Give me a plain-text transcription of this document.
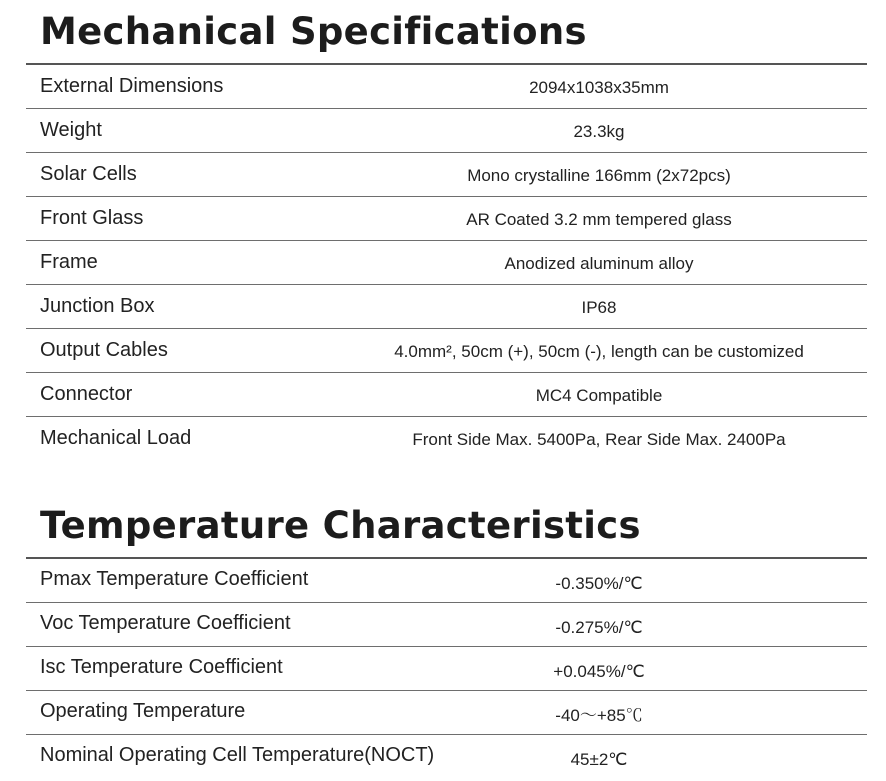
Mechanical Specifications
External Dimensions	2094x1038x35mm
Weight	23.3kg
Solar Cells	Mono crystalline 166mm (2x72pcs)
Front Glass	AR Coated 3.2 mm tempered glass
Frame	Anodized aluminum alloy
Junction Box	IP68
Output Cables	4.0mm², 50cm (+), 50cm (-), length can be customized
Connector	MC4 Compatible
Mechanical Load	Front Side Max. 5400Pa, Rear Side Max. 2400Pa
Temperature Characteristics
Pmax Temperature Coefficient	-0.350%/℃
Voc Temperature Coefficient	-0.275%/℃
Isc Temperature Coefficient	+0.045%/℃
Operating Temperature	-40～+85℃
Nominal Operating Cell Temperature(NOCT)	45±2℃
